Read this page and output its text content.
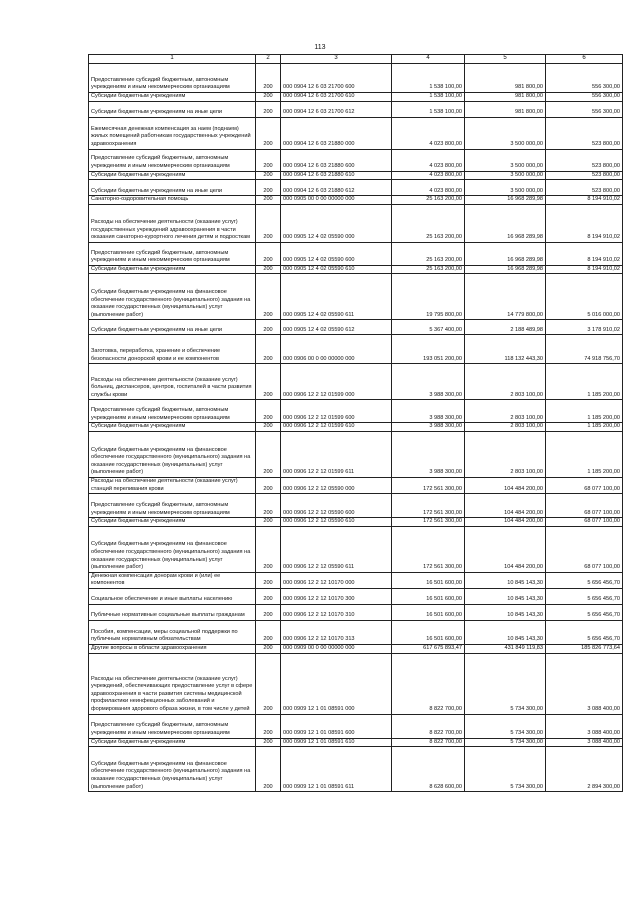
113
1	2	3	4	5	6
Предоставление субсидий бюджетным, автономным учреждениям и иным некоммерческим организациям	200	000 0904 12 6 03 21700 600	1 538 100,00	981 800,00	556 300,00
Субсидии бюджетным учреждениям	200	000 0904 12 6 03 21700 610	1 538 100,00	981 800,00	556 300,00
Субсидии бюджетным учреждениям на иные цели	200	000 0904 12 6 03 21700 612	1 538 100,00	981 800,00	556 300,00
Ежемесячная денежная компенсация за наем (поднаем) жилых помещений работникам государственных учреждений здравоохранения	200	000 0904 12 6 03 21880 000	4 023 800,00	3 500 000,00	523 800,00
Предоставление субсидий бюджетным, автономным учреждениям и иным некоммерческим организациям	200	000 0904 12 6 03 21880 600	4 023 800,00	3 500 000,00	523 800,00
Субсидии бюджетным учреждениям	200	000 0904 12 6 03 21880 610	4 023 800,00	3 500 000,00	523 800,00
Субсидии бюджетным учреждениям на иные цели	200	000 0904 12 6 03 21880 612	4 023 800,00	3 500 000,00	523 800,00
Санаторно-оздоровительная помощь	200	000 0905 00 0 00 00000 000	25 163 200,00	16 968 289,98	8 194 910,02
Расходы на обеспечение деятельности (оказание услуг) государственных учреждений здравоохранения в части оказания санаторно-курортного лечения детям и подросткам	200	000 0905 12 4 02 05590 000	25 163 200,00	16 968 289,98	8 194 910,02
Предоставление субсидий бюджетным, автономным учреждениям и иным некоммерческим организациям	200	000 0905 12 4 02 05590 600	25 163 200,00	16 968 289,98	8 194 910,02
Субсидии бюджетным учреждениям	200	000 0905 12 4 02 05590 610	25 163 200,00	16 968 289,98	8 194 910,02
Субсидии бюджетным учреждениям на финансовое обеспечение государственного (муниципального) задания на оказание государственных (муниципальных) услуг (выполнение работ)	200	000 0905 12 4 02 05590 611	19 795 800,00	14 779 800,00	5 016 000,00
Субсидии бюджетным учреждениям на иные цели	200	000 0905 12 4 02 05590 612	5 367 400,00	2 188 489,98	3 178 910,02
Заготовка, переработка, хранение и обеспечение безопасности донорской крови и ее компонентов	200	000 0906 00 0 00 00000 000	193 051 200,00	118 132 443,30	74 918 756,70
Расходы на обеспечение деятельности (оказание услуг) больниц, диспансеров, центров, госпиталей в части развития службы крови	200	000 0906 12 2 12 01599 000	3 988 300,00	2 803 100,00	1 185 200,00
Предоставление субсидий бюджетным, автономным учреждениям и иным некоммерческим организациям	200	000 0906 12 2 12 01599 600	3 988 300,00	2 803 100,00	1 185 200,00
Субсидии бюджетным учреждениям	200	000 0906 12 2 12 01599 610	3 988 300,00	2 803 100,00	1 185 200,00
Субсидии бюджетным учреждениям на финансовое обеспечение государственного (муниципального) задания на оказание государственных (муниципальных) услуг (выполнение работ)	200	000 0906 12 2 12 01599 611	3 988 300,00	2 803 100,00	1 185 200,00
Расходы на обеспечение деятельности (оказание услуг) станций переливания крови	200	000 0906 12 2 12 05590 000	172 561 300,00	104 484 200,00	68 077 100,00
Предоставление субсидий бюджетным, автономным учреждениям и иным некоммерческим организациям	200	000 0906 12 2 12 05590 600	172 561 300,00	104 484 200,00	68 077 100,00
Субсидии бюджетным учреждениям	200	000 0906 12 2 12 05590 610	172 561 300,00	104 484 200,00	68 077 100,00
Субсидии бюджетным учреждениям на финансовое обеспечение государственного (муниципального) задания на оказание государственных (муниципальных) услуг (выполнение работ)	200	000 0906 12 2 12 05590 611	172 561 300,00	104 484 200,00	68 077 100,00
Денежная компенсация донорам крови и (или) ее компонентов	200	000 0906 12 2 12 10170 000	16 501 600,00	10 845 143,30	5 656 456,70
Социальное обеспечение и иные выплаты населению	200	000 0906 12 2 12 10170 300	16 501 600,00	10 845 143,30	5 656 456,70
Публичные нормативные социальные выплаты гражданам	200	000 0906 12 2 12 10170 310	16 501 600,00	10 845 143,30	5 656 456,70
Пособия, компенсации, меры социальной поддержки по публичным нормативным обязательствам	200	000 0906 12 2 12 10170 313	16 501 600,00	10 845 143,30	5 656 456,70
Другие вопросы в области здравоохранения	200	000 0909 00 0 00 00000 000	617 675 893,47	431 849 119,83	185 826 773,64
Расходы на обеспечение деятельности (оказание услуг) учреждений, обеспечивающих предоставление услуг в сфере здравоохранения в части развития системы медицинской профилактики неинфекционных заболеваний и формирования здорового образа жизни, в том числе у детей	200	000 0909 12 1 01 08591 000	8 822 700,00	5 734 300,00	3 088 400,00
Предоставление субсидий бюджетным, автономным учреждениям и иным некоммерческим организациям	200	000 0909 12 1 01 08591 600	8 822 700,00	5 734 300,00	3 088 400,00
Субсидии бюджетным учреждениям	200	000 0909 12 1 01 08591 610	8 822 700,00	5 734 300,00	3 088 400,00
Субсидии бюджетным учреждениям на финансовое обеспечение государственного (муниципального) задания на оказание государственных (муниципальных) услуг (выполнение работ)	200	000 0909 12 1 01 08591 611	8 628 600,00	5 734 300,00	2 894 300,00
